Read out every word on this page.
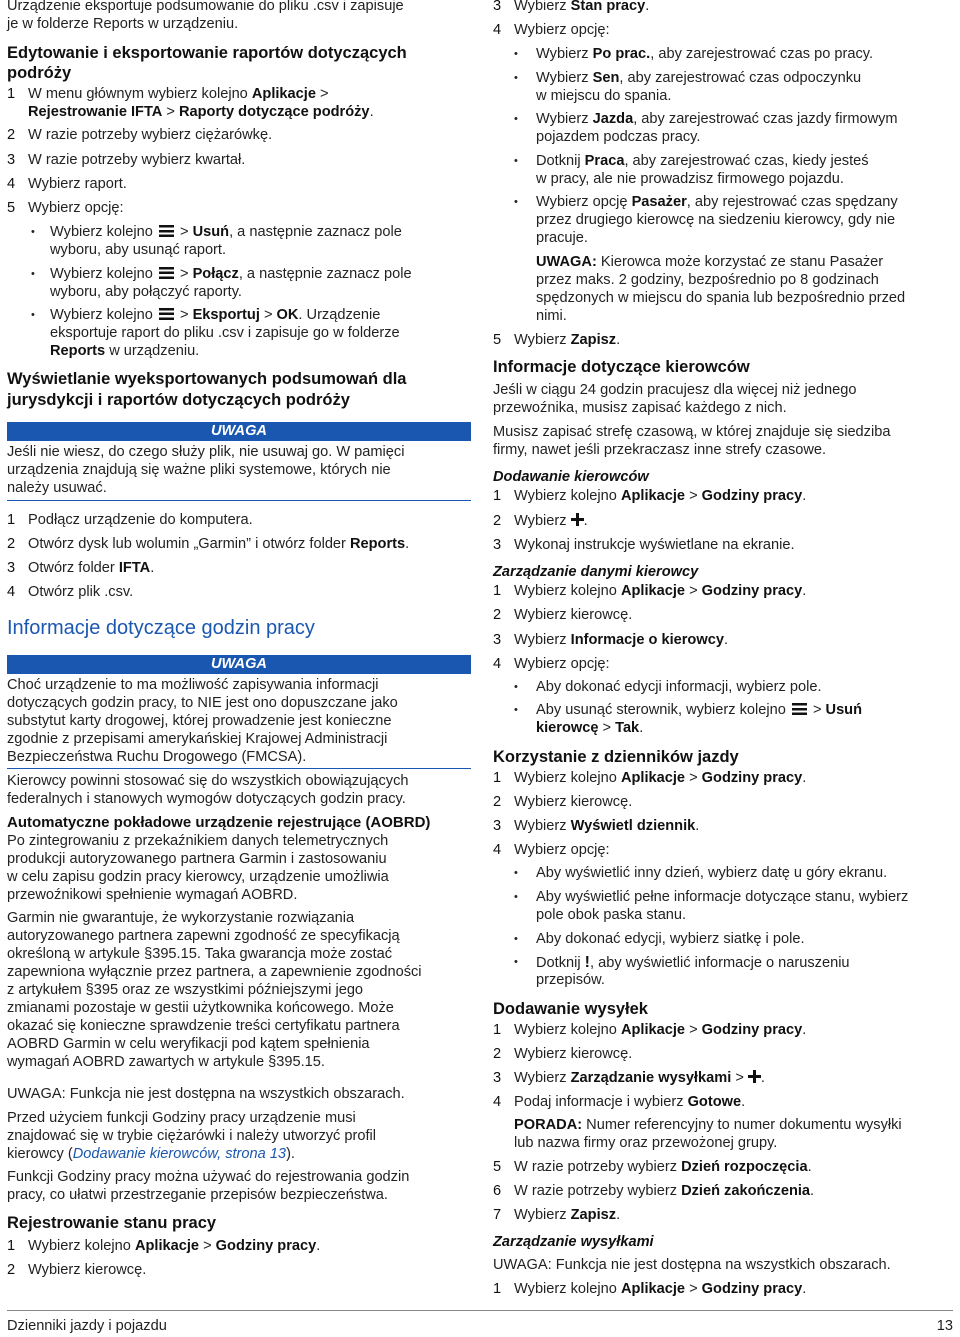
Urządzenie eksportuje podsumowanie do pliku .csv i zapisuje
je w folderze Reports w urządzeniu.
Edytowanie i eksportowanie raportów dotyczących
podróży
1 W menu głównym wybierz kolejno Aplikacje >
Rejestrowanie IFTA > Raporty dotyczące podróży.
2 W razie potrzeby wybierz ciężarówkę.
3 W razie potrzeby wybierz kwartał.
4 Wybierz raport.
5 Wybierz opcję:
• Wybierz kolejno  > Usuń, a następnie zaznacz pole
wyboru, aby usunąć raport.
• Wybierz kolejno  > Połącz, a następnie zaznacz pole
wyboru, aby połączyć raporty.
• Wybierz kolejno  > Eksportuj > OK. Urządzenie
eksportuje raport do pliku .csv i zapisuje go w folderze
Reports w urządzeniu.
Wyświetlanie wyeksportowanych podsumowań dla
jurysdykcji i raportów dotyczących podróży
UWAGA
Jeśli nie wiesz, do czego służy plik, nie usuwaj go. W pamięci
urządzenia znajdują się ważne pliki systemowe, których nie
należy usuwać.
1 Podłącz urządzenie do komputera.
2 Otwórz dysk lub wolumin „Garmin” i otwórz folder Reports.
3 Otwórz folder IFTA.
4 Otwórz plik .csv.
Informacje dotyczące godzin pracy
UWAGA
Choć urządzenie to ma możliwość zapisywania informacji
dotyczących godzin pracy, to NIE jest ono dopuszczane jako
substytut karty drogowej, której prowadzenie jest konieczne
zgodnie z przepisami amerykańskiej Krajowej Administracji
Bezpieczeństwa Ruchu Drogowego (FMCSA).
Kierowcy powinni stosować się do wszystkich obowiązujących
federalnych i stanowych wymogów dotyczących godzin pracy.
Automatyczne pokładowe urządzenie rejestrujące (AOBRD)
Po zintegrowaniu z przekaźnikiem danych telemetrycznych
produkcji autoryzowanego partnera Garmin i zastosowaniu
w celu zapisu godzin pracy kierowcy, urządzenie umożliwia
przewoźnikowi spełnienie wymagań AOBRD.
Garmin nie gwarantuje, że wykorzystanie rozwiązania
autoryzowanego partnera zapewni zgodność ze specyfikacją
określoną w artykule §395.15. Taka gwarancja może zostać
zapewniona wyłącznie przez partnera, a zapewnienie zgodności
z artykułem §395 oraz ze wszystkimi późniejszymi jego
zmianami pozostaje w gestii użytkownika końcowego. Może
okazać się konieczne sprawdzenie treści certyfikatu partnera
AOBRD Garmin w celu weryfikacji pod kątem spełnienia
wymagań AOBRD zawartych w artykule §395.15.
UWAGA: Funkcja nie jest dostępna na wszystkich obszarach.
Przed użyciem funkcji Godziny pracy urządzenie musi
znajdować się w trybie ciężarówki i należy utworzyć profil
kierowcy (Dodawanie kierowców, strona 13).
Funkcji Godziny pracy można używać do rejestrowania godzin
pracy, co ułatwi przestrzeganie przepisów bezpieczeństwa.
Rejestrowanie stanu pracy
1 Wybierz kolejno Aplikacje > Godziny pracy.
2 Wybierz kierowcę.
3 Wybierz Stan pracy.
4 Wybierz opcję:
• Wybierz Po prac., aby zarejestrować czas po pracy.
• Wybierz Sen, aby zarejestrować czas odpoczynku
w miejscu do spania.
• Wybierz Jazda, aby zarejestrować czas jazdy firmowym
pojazdem podczas pracy.
• Dotknij Praca, aby zarejestrować czas, kiedy jesteś
w pracy, ale nie prowadzisz firmowego pojazdu.
• Wybierz opcję Pasażer, aby rejestrować czas spędzany
przez drugiego kierowcę na siedzeniu kierowcy, gdy nie
pracuje.
UWAGA: Kierowca może korzystać ze stanu Pasażer
przez maks. 2 godziny, bezpośrednio po 8 godzinach
spędzonych w miejscu do spania lub bezpośrednio przed
nimi.
5 Wybierz Zapisz.
Informacje dotyczące kierowców
Jeśli w ciągu 24 godzin pracujesz dla więcej niż jednego
przewoźnika, musisz zapisać każdego z nich.
Musisz zapisać strefę czasową, w której znajduje się siedziba
firmy, nawet jeśli przekraczasz inne strefy czasowe.
Dodawanie kierowców
1 Wybierz kolejno Aplikacje > Godziny pracy.
2 Wybierz .
3 Wykonaj instrukcje wyświetlane na ekranie.
Zarządzanie danymi kierowcy
1 Wybierz kolejno Aplikacje > Godziny pracy.
2 Wybierz kierowcę.
3 Wybierz Informacje o kierowcy.
4 Wybierz opcję:
• Aby dokonać edycji informacji, wybierz pole.
• Aby usunąć sterownik, wybierz kolejno  > Usuń
kierowcę > Tak.
Korzystanie z dzienników jazdy
1 Wybierz kolejno Aplikacje > Godziny pracy.
2 Wybierz kierowcę.
3 Wybierz Wyświetl dziennik.
4 Wybierz opcję:
• Aby wyświetlić inny dzień, wybierz datę u góry ekranu.
• Aby wyświetlić pełne informacje dotyczące stanu, wybierz
pole obok paska stanu.
• Aby dokonać edycji, wybierz siatkę i pole.
• Dotknij !, aby wyświetlić informacje o naruszeniu
przepisów.
Dodawanie wysyłek
1 Wybierz kolejno Aplikacje > Godziny pracy.
2 Wybierz kierowcę.
3 Wybierz Zarządzanie wysyłkami > .
4 Podaj informacje i wybierz Gotowe.
PORADA: Numer referencyjny to numer dokumentu wysyłki
lub nazwa firmy oraz przewożonej grupy.
5 W razie potrzeby wybierz Dzień rozpoczęcia.
6 W razie potrzeby wybierz Dzień zakończenia.
7 Wybierz Zapisz.
Zarządzanie wysyłkami
UWAGA: Funkcja nie jest dostępna na wszystkich obszarach.
1 Wybierz kolejno Aplikacje > Godziny pracy.
Dzienniki jazdy i pojazdu	13
